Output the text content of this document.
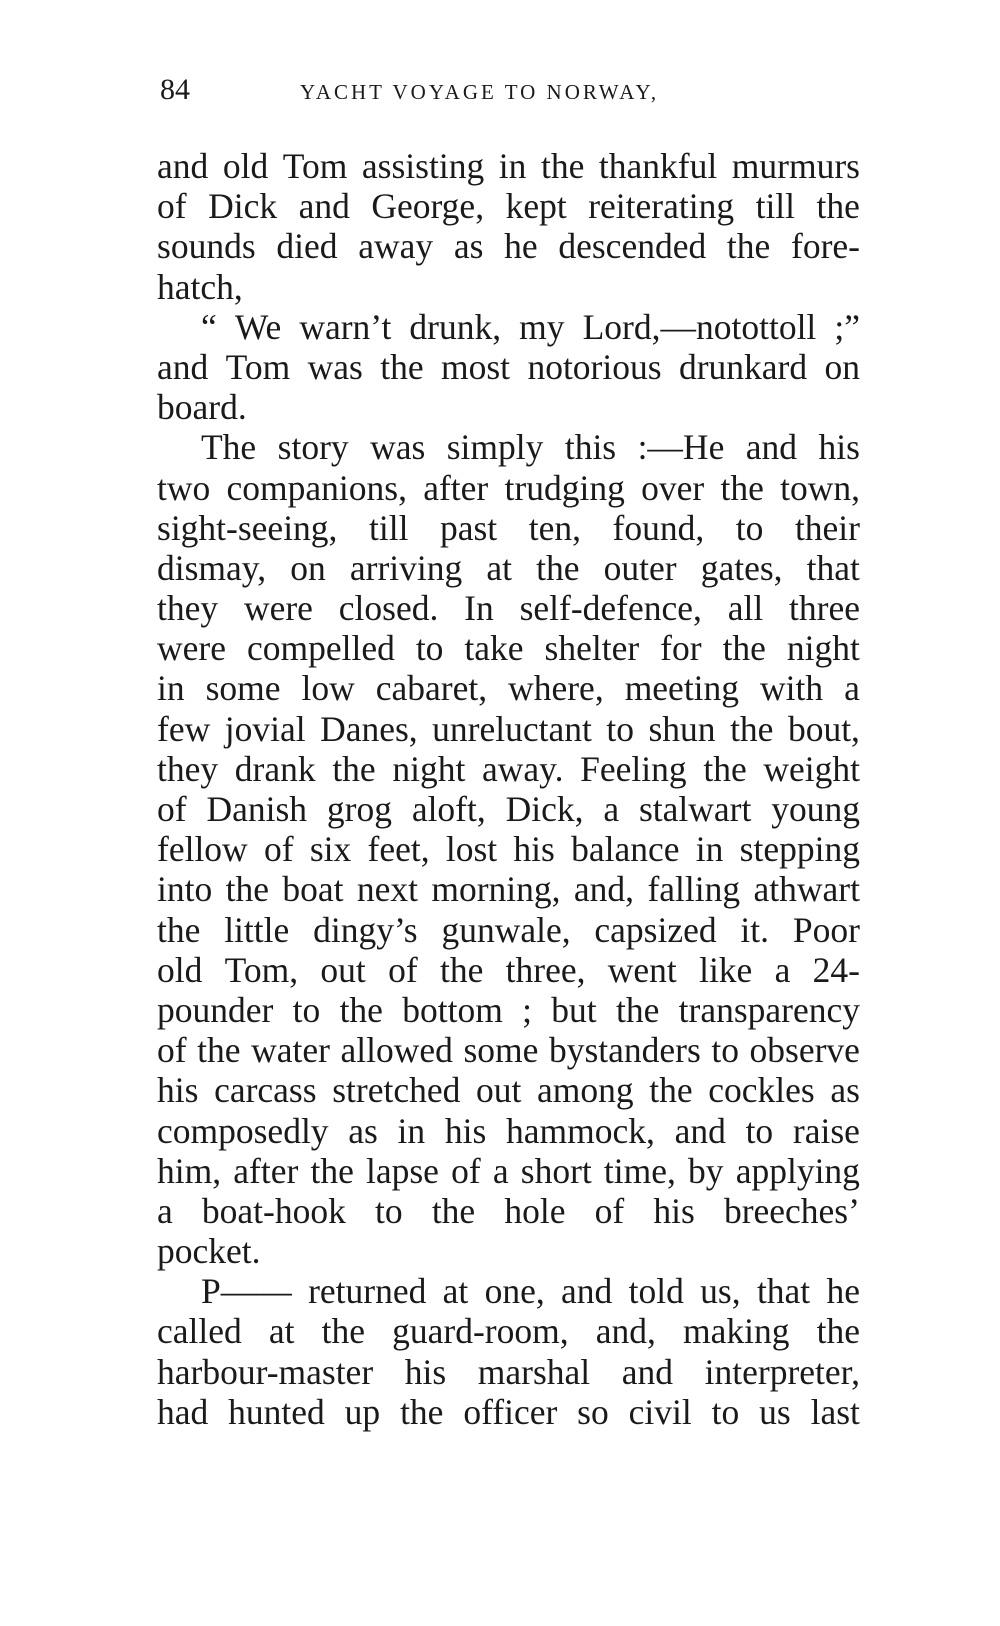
84	YACHT VOYAGE TO NORWAY,
and old Tom assisting in the thankful murmurs
of Dick and George, kept reiterating till the
sounds died away as he descended the fore-
hatch,
“ We warn’t drunk, my Lord,—notottoll ;”
and Tom was the most notorious drunkard on
board.
The story was simply this :—He and his
two companions, after trudging over the town,
sight-seeing, till past ten, found, to their
dismay, on arriving at the outer gates, that
they were closed. In self-defence, all three
were compelled to take shelter for the night
in some low cabaret, where, meeting with a
few jovial Danes, unreluctant to shun the bout,
they drank the night away. Feeling the weight
of Danish grog aloft, Dick, a stalwart young
fellow of six feet, lost his balance in stepping
into the boat next morning, and, falling athwart
the little dingy’s gunwale, capsized it. Poor
old Tom, out of the three, went like a 24-
pounder to the bottom ; but the transparency
of the water allowed some bystanders to observe
his carcass stretched out among the cockles as
composedly as in his hammock, and to raise
him, after the lapse of a short time, by applying
a boat-hook to the hole of his breeches’
pocket.
P—— returned at one, and told us, that he
called at the guard-room, and, making the
harbour-master his marshal and interpreter,
had hunted up the officer so civil to us last
